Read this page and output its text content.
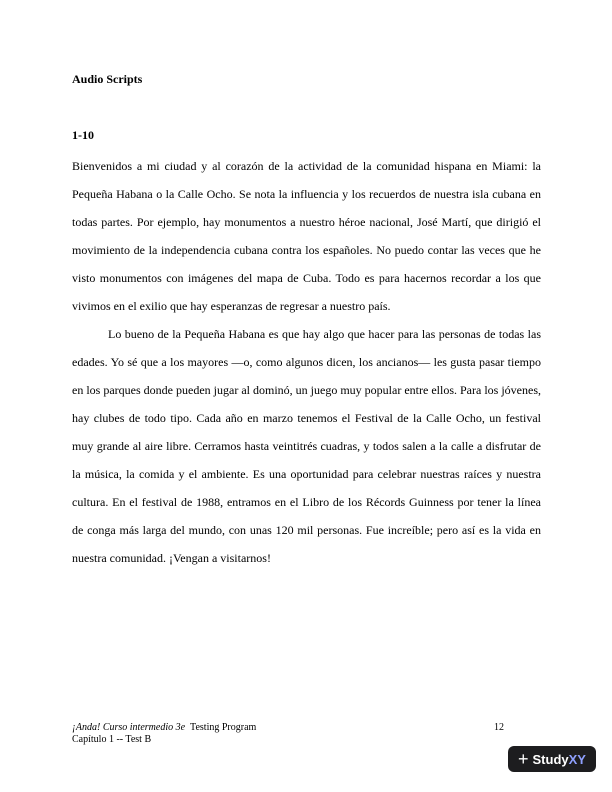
Audio Scripts
1-10

Bienvenidos a mi ciudad y al corazón de la actividad de la comunidad hispana en Miami: la Pequeña Habana o la Calle Ocho. Se nota la influencia y los recuerdos de nuestra isla cubana en todas partes. Por ejemplo, hay monumentos a nuestro héroe nacional, José Martí, que dirigió el movimiento de la independencia cubana contra los españoles. No puedo contar las veces que he visto monumentos con imágenes del mapa de Cuba. Todo es para hacernos recordar a los que vivimos en el exilio que hay esperanzas de regresar a nuestro país.

Lo bueno de la Pequeña Habana es que hay algo que hacer para las personas de todas las edades. Yo sé que a los mayores —o, como algunos dicen, los ancianos— les gusta pasar tiempo en los parques donde pueden jugar al dominó, un juego muy popular entre ellos. Para los jóvenes, hay clubes de todo tipo. Cada año en marzo tenemos el Festival de la Calle Ocho, un festival muy grande al aire libre. Cerramos hasta veintitrés cuadras, y todos salen a la calle a disfrutar de la música, la comida y el ambiente. Es una oportunidad para celebrar nuestras raíces y nuestra cultura. En el festival de 1988, entramos en el Libro de los Récords Guinness por tener la línea de conga más larga del mundo, con unas 120 mil personas. Fue increíble; pero así es la vida en nuestra comunidad. ¡Vengan a visitarnos!

¡Anda! Curso intermedio 3e Testing Program
Capítulo 1 -- Test B
12
+ Study XY
